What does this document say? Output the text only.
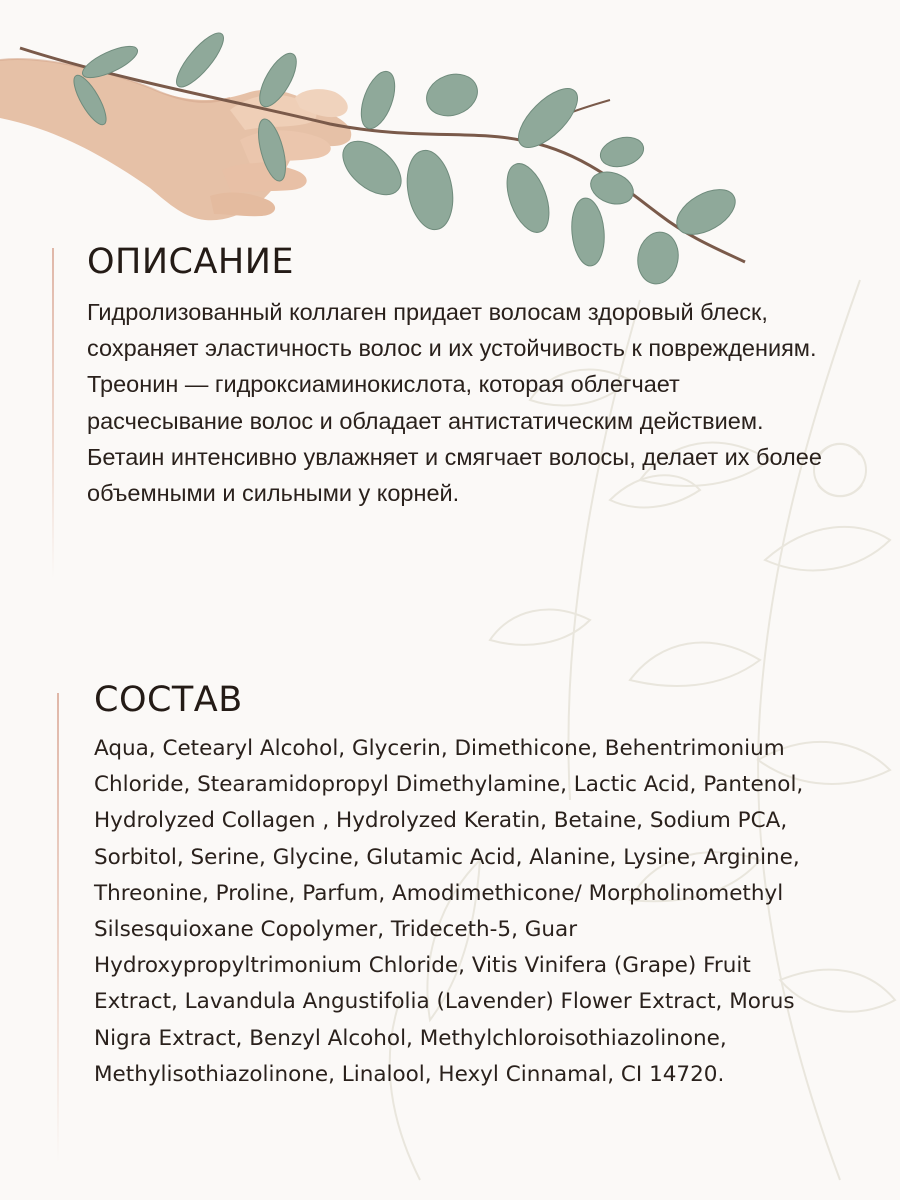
ОПИСАНИЕ

Гидролизованный коллаген придает волосам здоровый блеск, сохраняет эластичность волос и их устойчивость к повреждениям.

Треонин — гидроксиаминокислота, которая облегчает расчесывание волос и обладает антистатическим действием.

Бетаин интенсивно увлажняет и смягчает волосы, делает их более объемными и сильными у корней.

СОСТАВ

Aqua, Cetearyl Alcohol, Glycerin, Dimethicone, Behentrimonium Chloride, Stearamidopropyl Dimethylamine, Lactic Acid, Pantenol, Hydrolyzed Collagen , Hydrolyzed Keratin, Betaine, Sodium PCA, Sorbitol, Serine, Glycine, Glutamic Acid, Alanine, Lysine, Arginine, Threonine, Proline, Parfum, Amodimethicone/ Morpholinomethyl Silsesquioxane Copolymer, Trideceth-5, Guar Hydroxypropyltrimonium Chloride, Vitis Vinifera (Grape) Fruit Extract, Lavandula Angustifolia (Lavender) Flower Extract, Morus Nigra Extract, Benzyl Alcohol, Methylchloroisothiazolinone, Methylisothiazolinone, Linalool, Hexyl Cinnamal, CI 14720.
